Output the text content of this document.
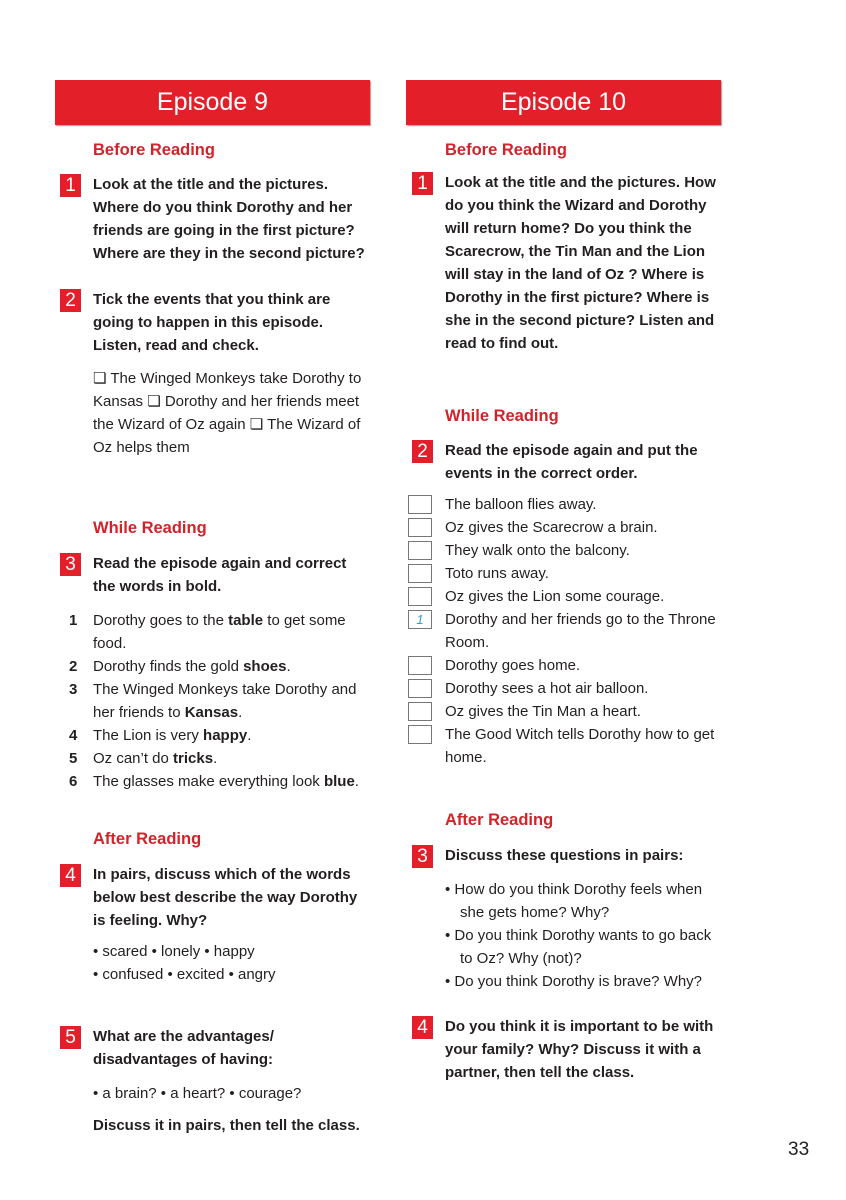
Episode 9
Before Reading
1	Look at the title and the pictures. Where do you think Dorothy and her friends are going in the first picture? Where are they in the second picture?
2	Tick the events that you think are going to happen in this episode. Listen, read and check.
❏ The Winged Monkeys take Dorothy to Kansas ❏ Dorothy and her friends meet the Wizard of Oz again ❏ The Wizard of Oz helps them
While Reading
3	Read the episode again and correct the words in bold.
1 Dorothy goes to the table to get some food.
2 Dorothy finds the gold shoes.
3 The Winged Monkeys take Dorothy and her friends to Kansas.
4 The Lion is very happy.
5 Oz can’t do tricks.
6 The glasses make everything look blue.
After Reading
4	In pairs, discuss which of the words below best describe the way Dorothy is feeling. Why?
• scared • lonely • happy
• confused • excited • angry
5	What are the advantages/ disadvantages of having:
• a brain? • a heart? • courage?
Discuss it in pairs, then tell the class.
Episode 10
Before Reading
1	Look at the title and the pictures. How do you think the Wizard and Dorothy will return home? Do you think the Scarecrow, the Tin Man and the Lion will stay in the land of Oz ? Where is Dorothy in the first picture? Where is she in the second picture? Listen and read to find out.
While Reading
2	Read the episode again and put the events in the correct order.
The balloon flies away.
Oz gives the Scarecrow a brain.
They walk onto the balcony.
Toto runs away.
Oz gives the Lion some courage.
1	Dorothy and her friends go to the Throne Room.
Dorothy goes home.
Dorothy sees a hot air balloon.
Oz gives the Tin Man a heart.
The Good Witch tells Dorothy how to get home.
After Reading
3	Discuss these questions in pairs:
• How do you think Dorothy feels when she gets home? Why?
• Do you think Dorothy wants to go back to Oz? Why (not)?
• Do you think Dorothy is brave? Why?
4	Do you think it is important to be with your family? Why? Discuss it with a partner, then tell the class.
33
